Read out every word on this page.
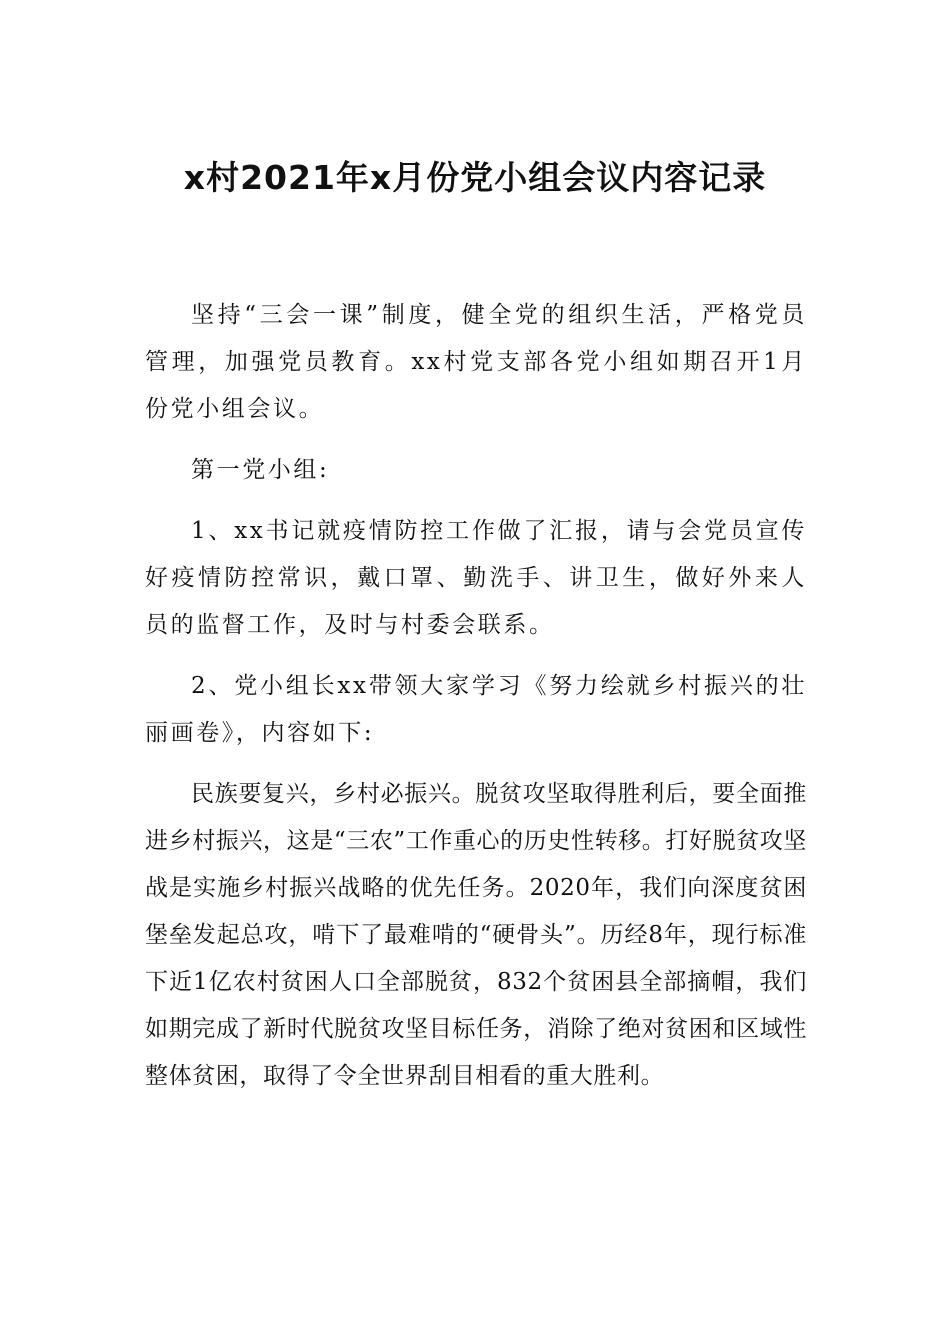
x村2021年x月份党小组会议内容记录

坚持“三会一课”制度，健全党的组织生活，严格党员管理，加强党员教育。xx村党支部各党小组如期召开1月份党小组会议。

第一党小组:

1、xx书记就疫情防控工作做了汇报，请与会党员宣传好疫情防控常识，戴口罩、勤洗手、讲卫生，做好外来人员的监督工作，及时与村委会联系。

2、党小组长xx带领大家学习《努力绘就乡村振兴的壮丽画卷》，内容如下:

民族要复兴，乡村必振兴。脱贫攻坚取得胜利后，要全面推进乡村振兴，这是“三农”工作重心的历史性转移。打好脱贫攻坚战是实施乡村振兴战略的优先任务。2020年，我们向深度贫困堡垒发起总攻，啃下了最难啃的“硬骨头”。历经8年，现行标准下近1亿农村贫困人口全部脱贫，832个贫困县全部摘帽，我们如期完成了新时代脱贫攻坚目标任务，消除了绝对贫困和区域性整体贫困，取得了令全世界刮目相看的重大胜利。
